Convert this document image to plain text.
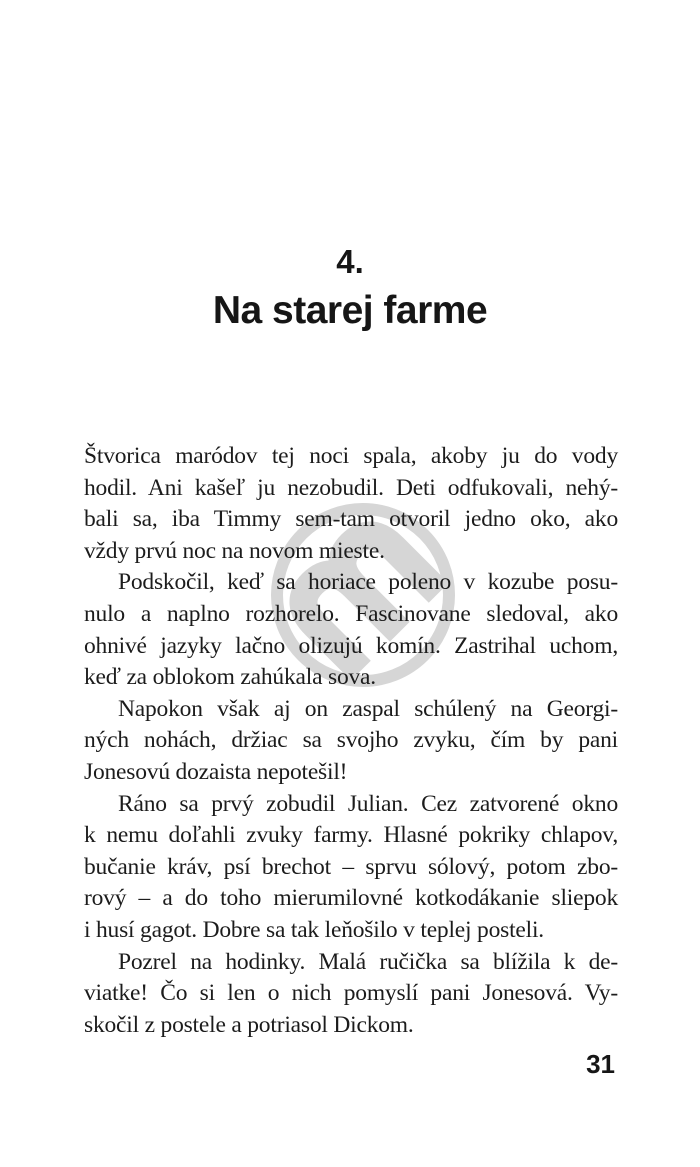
4.
Na starej farme
Štvorica maródov tej noci spala, akoby ju do vody
hodil. Ani kašeľ ju nezobudil. Deti odfukovali, nehý-
bali sa, iba Timmy sem-tam otvoril jedno oko, ako
vždy prvú noc na novom mieste.
Podskočil, keď sa horiace poleno v kozube posu-
nulo a naplno rozhorelo. Fascinovane sledoval, ako
ohnivé jazyky lačno olizujú komín. Zastrihal uchom,
keď za oblokom zahúkala sova.
Napokon však aj on zaspal schúlený na Georgi-
ných nohách, držiac sa svojho zvyku, čím by pani
Jonesovú dozaista nepotešil!
Ráno sa prvý zobudil Julian. Cez zatvorené okno
k nemu doľahli zvuky farmy. Hlasné pokriky chlapov,
bučanie kráv, psí brechot – sprvu sólový, potom zbo-
rový – a do toho mierumilovné kotkodákanie sliepok
i husí gagot. Dobre sa tak leňošilo v teplej posteli.
Pozrel na hodinky. Malá ručička sa blížila k de-
viatke! Čo si len o nich pomyslí pani Jonesová. Vy-
skočil z postele a potriasol Dickom.
31
